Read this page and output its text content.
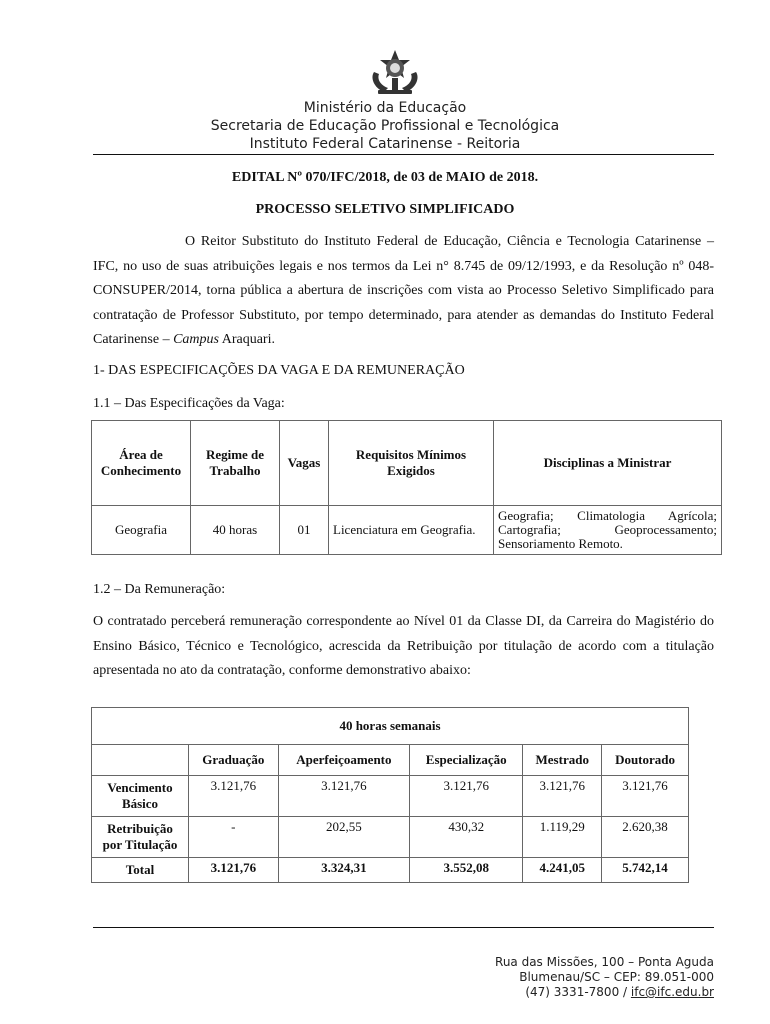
Ministério da Educação
Secretaria de Educação Profissional e Tecnológica
Instituto Federal Catarinense - Reitoria
EDITAL Nº 070/IFC/2018, de 03 de MAIO de 2018.
PROCESSO SELETIVO SIMPLIFICADO
O Reitor Substituto do Instituto Federal de Educação, Ciência e Tecnologia Catarinense – IFC, no uso de suas atribuições legais e nos termos da Lei n° 8.745 de 09/12/1993, e da Resolução nº 048-CONSUPER/2014, torna pública a abertura de inscrições com vista ao Processo Seletivo Simplificado para contratação de Professor Substituto, por tempo determinado, para atender as demandas do Instituto Federal Catarinense – Campus Araquari.
1- DAS ESPECIFICAÇÕES DA VAGA E DA REMUNERAÇÃO
1.1 – Das Especificações da Vaga:
Área de Conhecimento	Regime de Trabalho	Vagas	Requisitos Mínimos Exigidos	Disciplinas a Ministrar
Geografia	40 horas	01	Licenciatura em Geografia.	Geografia; Climatologia Agrícola; Cartografia; Geoprocessamento; Sensoriamento Remoto.
1.2 – Da Remuneração:
O contratado perceberá remuneração correspondente ao Nível 01 da Classe DI, da Carreira do Magistério do Ensino Básico, Técnico e Tecnológico, acrescida da Retribuição por titulação de acordo com a titulação apresentada no ato da contratação, conforme demonstrativo abaixo:
40 horas semanais					
	Graduação	Aperfeiçoamento	Especialização	Mestrado	Doutorado
Vencimento Básico	3.121,76	3.121,76	3.121,76	3.121,76	3.121,76
Retribuição por Titulação	-	202,55	430,32	1.119,29	2.620,38
Total	3.121,76	3.324,31	3.552,08	4.241,05	5.742,14
Rua das Missões, 100 – Ponta Aguda
Blumenau/SC – CEP: 89.051-000
(47) 3331-7800 / ifc@ifc.edu.br
